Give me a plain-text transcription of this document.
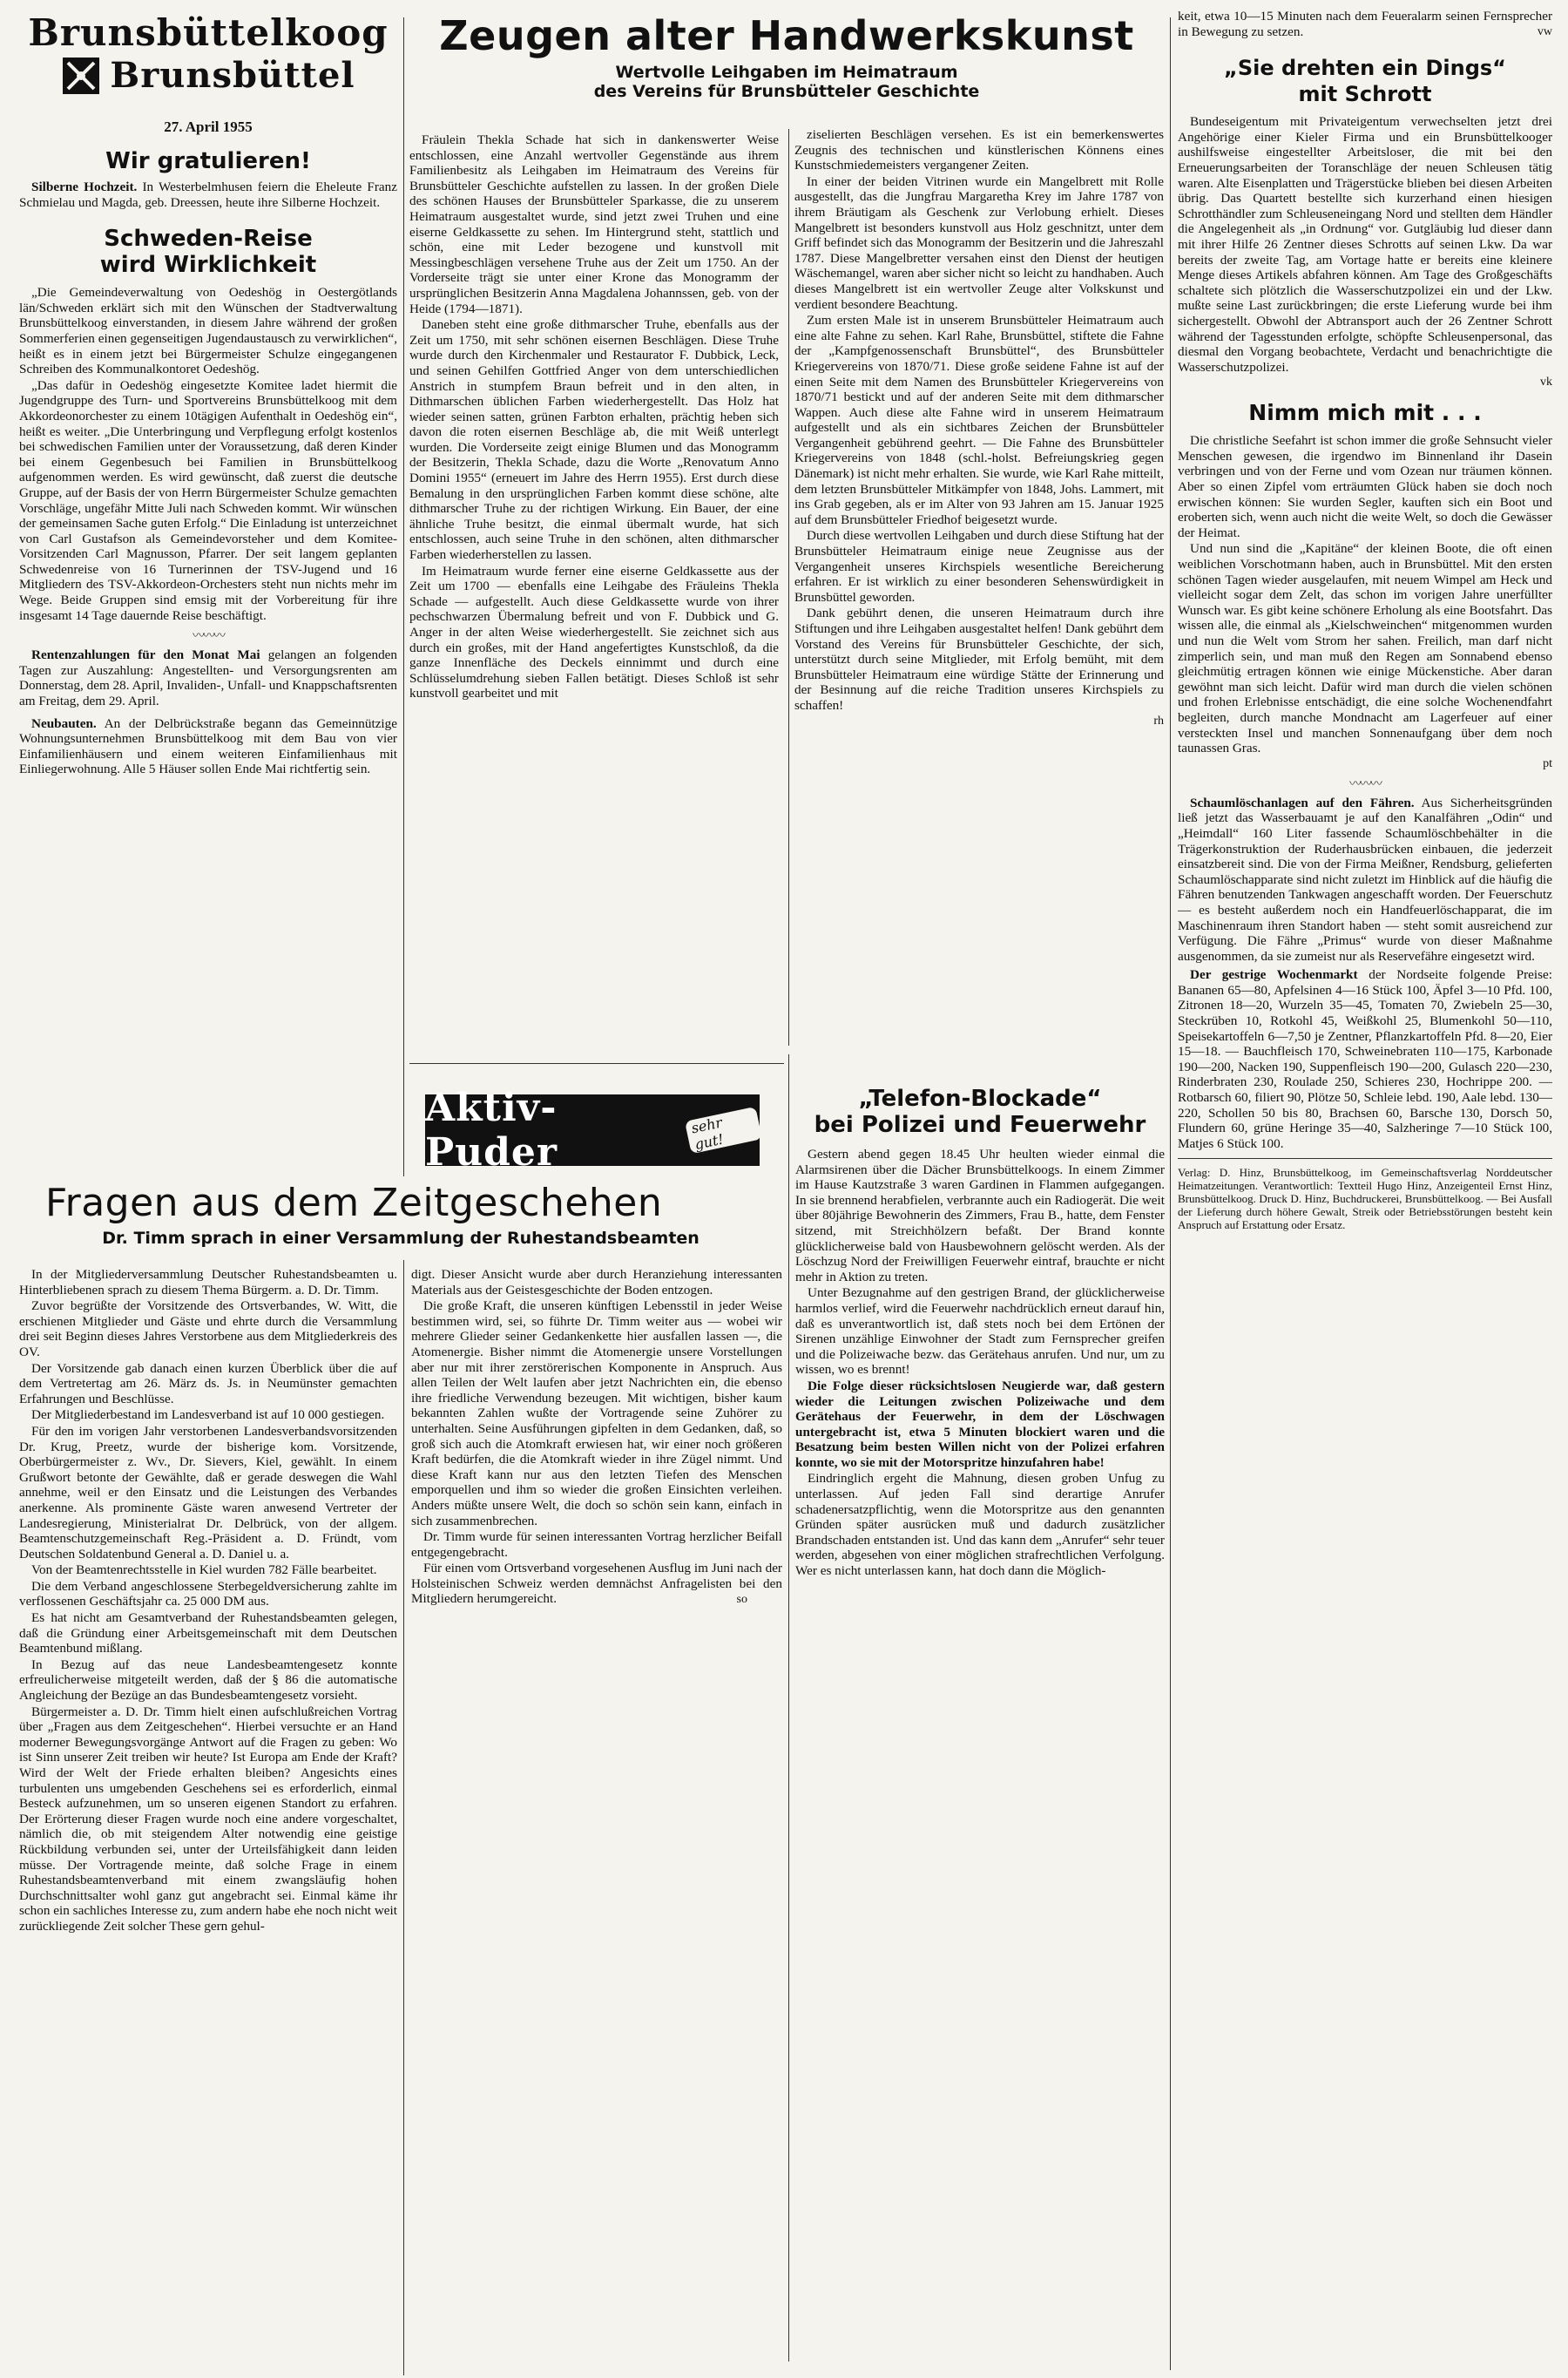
Brunsbüttelkoog
Brunsbüttel
27. April 1955
Wir gratulieren!

Silberne Hochzeit. In Westerbelmhusen feiern die Eheleute Franz Schmielau und Magda, geb. Dreessen, heute ihre Silberne Hochzeit.

Schweden-Reise
wird Wirklichkeit

„Die Gemeindeverwaltung von Oedeshög in Oestergötlands län/Schweden erklärt sich mit den Wünschen der Stadtverwaltung Brunsbüttelkoog einverstanden, in diesem Jahre während der großen Sommerferien einen gegenseitigen Jugendaustausch zu verwirklichen“, heißt es in einem jetzt bei Bürgermeister Schulze eingegangenen Schreiben des Kommunalkontoret Oedeshög.

„Das dafür in Oedeshög eingesetzte Komitee ladet hiermit die Jugendgruppe des Turn- und Sportvereins Brunsbüttelkoog mit dem Akkordeonorchester zu einem 10tägigen Aufenthalt in Oedeshög ein“, heißt es weiter. „Die Unterbringung und Verpflegung erfolgt kostenlos bei schwedischen Familien unter der Voraussetzung, daß deren Kinder bei einem Gegenbesuch bei Familien in Brunsbüttelkoog aufgenommen werden. Es wird gewünscht, daß zuerst die deutsche Gruppe, auf der Basis der von Herrn Bürgermeister Schulze gemachten Vorschläge, ungefähr Mitte Juli nach Schweden kommt. Wir wünschen der gemeinsamen Sache guten Erfolg.“ Die Einladung ist unterzeichnet von Carl Gustafson als Gemeindevorsteher und dem Komitee-Vorsitzenden Carl Magnusson, Pfarrer. Der seit langem geplanten Schwedenreise von 16 Turnerinnen der TSV-Jugend und 16 Mitgliedern des TSV-Akkordeon-Orchesters steht nun nichts mehr im Wege. Beide Gruppen sind emsig mit der Vorbereitung für ihre insgesamt 14 Tage dauernde Reise beschäftigt.

〰〰〰

Rentenzahlungen für den Monat Mai gelangen an folgenden Tagen zur Auszahlung: Angestellten- und Versorgungsrenten am Donnerstag, dem 28. April, Invaliden-, Unfall- und Knappschaftsrenten am Freitag, dem 29. April.

Neubauten. An der Delbrückstraße begann das Gemeinnützige Wohnungsunternehmen Brunsbüttelkoog mit dem Bau von vier Einfamilienhäusern und einem weiteren Einfamilienhaus mit Einliegerwohnung. Alle 5 Häuser sollen Ende Mai richtfertig sein.

Zeugen alter Handwerkskunst
Wertvolle Leihgaben im Heimatraum
des Vereins für Brunsbütteler Geschichte

Fräulein Thekla Schade hat sich in dankenswerter Weise entschlossen, eine Anzahl wertvoller Gegenstände aus ihrem Familienbesitz als Leihgaben im Heimatraum des Vereins für Brunsbütteler Geschichte aufstellen zu lassen. In der großen Diele des schönen Hauses der Brunsbütteler Sparkasse, die zu unserem Heimatraum ausgestaltet wurde, sind jetzt zwei Truhen und eine eiserne Geldkassette zu sehen. Im Hintergrund steht, stattlich und schön, eine mit Leder bezogene und kunstvoll mit Messingbeschlägen versehene Truhe aus der Zeit um 1750. An der Vorderseite trägt sie unter einer Krone das Monogramm der ursprünglichen Besitzerin Anna Magdalena Johannssen, geb. von der Heide (1794—1871).

Daneben steht eine große dithmarscher Truhe, ebenfalls aus der Zeit um 1750, mit sehr schönen eisernen Beschlägen. Diese Truhe wurde durch den Kirchenmaler und Restaurator F. Dubbick, Leck, und seinen Gehilfen Gottfried Anger von dem unterschiedlichen Anstrich in stumpfem Braun befreit und in den alten, in Dithmarschen üblichen Farben wiederhergestellt. Das Holz hat wieder seinen satten, grünen Farbton erhalten, prächtig heben sich davon die roten eisernen Beschläge ab, die mit Weiß unterlegt wurden. Die Vorderseite zeigt einige Blumen und das Monogramm der Besitzerin, Thekla Schade, dazu die Worte „Renovatum Anno Domini 1955“ (erneuert im Jahre des Herrn 1955). Erst durch diese Bemalung in den ursprünglichen Farben kommt diese schöne, alte dithmarscher Truhe zu der richtigen Wirkung. Ein Bauer, der eine ähnliche Truhe besitzt, die einmal übermalt wurde, hat sich entschlossen, auch seine Truhe in den schönen, alten dithmarscher Farben wiederherstellen zu lassen.

Im Heimatraum wurde ferner eine eiserne Geldkassette aus der Zeit um 1700 — ebenfalls eine Leihgabe des Fräuleins Thekla Schade — aufgestellt. Auch diese Geldkassette wurde von ihrer pechschwarzen Übermalung befreit und von F. Dubbick und G. Anger in der alten Weise wiederhergestellt. Sie zeichnet sich aus durch ein großes, mit der Hand angefertigtes Kunstschloß, da die ganze Innenfläche des Deckels einnimmt und durch eine Schlüsselumdrehung sieben Fallen betätigt. Dieses Schloß ist sehr kunstvoll gearbeitet und mit

ziselierten Beschlägen versehen. Es ist ein bemerkenswertes Zeugnis des technischen und künstlerischen Könnens eines Kunstschmiedemeisters vergangener Zeiten.

In einer der beiden Vitrinen wurde ein Mangelbrett mit Rolle ausgestellt, das die Jungfrau Margaretha Krey im Jahre 1787 von ihrem Bräutigam als Geschenk zur Verlobung erhielt. Dieses Mangelbrett ist besonders kunstvoll aus Holz geschnitzt, unter dem Griff befindet sich das Monogramm der Besitzerin und die Jahreszahl 1787. Diese Mangelbretter versahen einst den Dienst der heutigen Wäschemangel, waren aber sicher nicht so leicht zu handhaben. Auch dieses Mangelbrett ist ein wertvoller Zeuge alter Volkskunst und verdient besondere Beachtung.

Zum ersten Male ist in unserem Brunsbütteler Heimatraum auch eine alte Fahne zu sehen. Karl Rahe, Brunsbüttel, stiftete die Fahne der „Kampfgenossenschaft Brunsbüttel“, des Brunsbütteler Kriegervereins von 1870/71. Diese große seidene Fahne ist auf der einen Seite mit dem Namen des Brunsbütteler Kriegervereins von 1870/71 bestickt und auf der anderen Seite mit dem dithmarscher Wappen. Auch diese alte Fahne wird in unserem Heimatraum aufgestellt und als ein sichtbares Zeichen der Brunsbütteler Vergangenheit gebührend geehrt. — Die Fahne des Brunsbütteler Kriegervereins von 1848 (schl.-holst. Befreiungskrieg gegen Dänemark) ist nicht mehr erhalten. Sie wurde, wie Karl Rahe mitteilt, dem letzten Brunsbütteler Mitkämpfer von 1848, Johs. Lammert, mit ins Grab gegeben, als er im Alter von 93 Jahren am 15. Januar 1925 auf dem Brunsbütteler Friedhof beigesetzt wurde.

Durch diese wertvollen Leihgaben und durch diese Stiftung hat der Brunsbütteler Heimatraum einige neue Zeugnisse aus der Vergangenheit unseres Kirchspiels wesentliche Bereicherung erfahren. Er ist wirklich zu einer besonderen Sehenswürdigkeit in Brunsbüttel geworden.

Dank gebührt denen, die unseren Heimatraum durch ihre Stiftungen und ihre Leihgaben ausgestaltet helfen! Dank gebührt dem Vorstand des Vereins für Brunsbütteler Geschichte, der sich, unterstützt durch seine Mitglieder, mit Erfolg bemüht, mit dem Brunsbütteler Heimatraum eine würdige Stätte der Erinnerung und der Besinnung auf die reiche Tradition unseres Kirchspiels zu schaffen!

rh

keit, etwa 10—15 Minuten nach dem Feueralarm seinen Fernsprecher in Bewegung zu setzen.	vw
„Sie drehten ein Dings“
mit Schrott

Bundeseigentum mit Privateigentum verwechselten jetzt drei Angehörige einer Kieler Firma und ein Brunsbüttelkooger aushilfsweise eingestellter Arbeitsloser, die mit bei den Erneuerungsarbeiten der Toranschläge der neuen Schleusen tätig waren. Alte Eisenplatten und Trägerstücke blieben bei diesen Arbeiten übrig. Das Quartett bestellte sich kurzerhand einen hiesigen Schrotthändler zum Schleuseneingang Nord und stellten dem Händler die Angelegenheit als „in Ordnung“ vor. Gutgläubig lud dieser dann mit ihrer Hilfe 26 Zentner dieses Schrotts auf seinen Lkw. Da war bereits der zweite Tag, am Vortage hatte er bereits eine kleinere Menge dieses Artikels abfahren können. Am Tage des Großgeschäfts schaltete sich plötzlich die Wasserschutzpolizei ein und der Lkw. mußte seine Last zurückbringen; die erste Lieferung wurde bei ihm sichergestellt. Obwohl der Abtransport auch der 26 Zentner Schrott während der Tagesstunden erfolgte, schöpfte Schleusenpersonal, das diesmal den Vorgang beobachtete, Verdacht und benachrichtigte die Wasserschutzpolizei.

vk
Nimm mich mit . . .

Die christliche Seefahrt ist schon immer die große Sehnsucht vieler Menschen gewesen, die irgendwo im Binnenland ihr Dasein verbringen und von der Ferne und vom Ozean nur träumen können. Aber so einen Zipfel vom erträumten Glück haben sie doch noch erwischen können: Sie wurden Segler, kauften sich ein Boot und eroberten sich, wenn auch nicht die weite Welt, so doch die Gewässer der Heimat.

Und nun sind die „Kapitäne“ der kleinen Boote, die oft einen weiblichen Vorschotmann haben, auch in Brunsbüttel. Mit den ersten schönen Tagen wieder ausgelaufen, mit neuem Wimpel am Heck und vielleicht sogar dem Zelt, das schon im vorigen Jahre unerfüllter Wunsch war. Es gibt keine schönere Erholung als eine Bootsfahrt. Das wissen alle, die einmal als „Kielschweinchen“ mitgenommen wurden und nun die Welt vom Strom her sahen. Freilich, man darf nicht zimperlich sein, und man muß den Regen am Sonnabend ebenso gleichmütig ertragen können wie einige Mückenstiche. Aber daran gewöhnt man sich leicht. Dafür wird man durch die vielen schönen und frohen Erlebnisse entschädigt, die eine solche Wochenendfahrt begleiten, durch manche Mondnacht am Lagerfeuer auf einer versteckten Insel und manchen Sonnenaufgang über dem noch taunassen Gras.

pt
〰〰〰

Schaumlöschanlagen auf den Fähren. Aus Sicherheitsgründen ließ jetzt das Wasserbauamt je auf den Kanalfähren „Odin“ und „Heimdall“ 160 Liter fassende Schaumlöschbehälter in die Trägerkonstruktion der Ruderhausbrücken einbauen, die jederzeit einsatzbereit sind. Die von der Firma Meißner, Rendsburg, gelieferten Schaumlöschapparate sind nicht zuletzt im Hinblick auf die häufig die Fähren benutzenden Tankwagen angeschafft worden. Der Feuerschutz — es besteht außerdem noch ein Handfeuerlöschapparat, die im Maschinenraum ihren Standort haben — steht somit ausreichend zur Verfügung. Die Fähre „Primus“ wurde von dieser Maßnahme ausgenommen, da sie zumeist nur als Reservefähre eingesetzt wird.

Der gestrige Wochenmarkt der Nordseite folgende Preise: Bananen 65—80, Apfelsinen 4—16 Stück 100, Äpfel 3—10 Pfd. 100, Zitronen 18—20, Wurzeln 35—45, Tomaten 70, Zwiebeln 25—30, Steckrüben 10, Rotkohl 45, Weißkohl 25, Blumenkohl 50—110, Speisekartoffeln 6—7,50 je Zentner, Pflanzkartoffeln Pfd. 8—20, Eier 15—18. — Bauchfleisch 170, Schweinebraten 110—175, Karbonade 190—200, Nacken 190, Suppenfleisch 190—200, Gulasch 220—230, Rinderbraten 230, Roulade 250, Schieres 230, Hochrippe 200. — Rotbarsch 60, filiert 90, Plötze 50, Schleie lebd. 190, Aale lebd. 130—220, Schollen 50 bis 80, Brachsen 60, Barsche 130, Dorsch 50, Flundern 60, grüne Heringe 35—40, Salzheringe 7—10 Stück 100, Matjes 6 Stück 100.

Verlag: D. Hinz, Brunsbüttelkoog, im Gemeinschaftsverlag Norddeutscher Heimatzeitungen. Verantwortlich: Textteil Hugo Hinz, Anzeigenteil Ernst Hinz, Brunsbüttelkoog. Druck D. Hinz, Buchdruckerei, Brunsbüttelkoog. — Bei Ausfall der Lieferung durch höhere Gewalt, Streik oder Betriebsstörungen besteht kein Anspruch auf Erstattung oder Ersatz.

Aktiv-Puder
sehr gut!
„Telefon-Blockade“
bei Polizei und Feuerwehr

Gestern abend gegen 18.45 Uhr heulten wieder einmal die Alarmsirenen über die Dächer Brunsbüttelkoogs. In einem Zimmer im Hause Kautzstraße 3 waren Gardinen in Flammen aufgegangen. In sie brennend herabfielen, verbrannte auch ein Radiogerät. Die weit über 80jährige Bewohnerin des Zimmers, Frau B., hatte, dem Fenster sitzend, mit Streichhölzern befaßt. Der Brand konnte glücklicherweise bald von Hausbewohnern gelöscht werden. Als der Löschzug Nord der Freiwilligen Feuerwehr eintraf, brauchte er nicht mehr in Aktion zu treten.

Unter Bezugnahme auf den gestrigen Brand, der glücklicherweise harmlos verlief, wird die Feuerwehr nachdrücklich erneut darauf hin, daß es unverantwortlich ist, daß stets noch bei dem Ertönen der Sirenen unzählige Einwohner der Stadt zum Fernsprecher greifen und die Polizeiwache bezw. das Gerätehaus anrufen. Und nur, um zu wissen, wo es brennt!

Die Folge dieser rücksichtslosen Neugierde war, daß gestern wieder die Leitungen zwischen Polizeiwache und dem Gerätehaus der Feuerwehr, in dem der Löschwagen untergebracht ist, etwa 5 Minuten blockiert waren und die Besatzung beim besten Willen nicht von der Polizei erfahren konnte, wo sie mit der Motorspritze hinzufahren habe!

Eindringlich ergeht die Mahnung, diesen groben Unfug zu unterlassen. Auf jeden Fall sind derartige Anrufer schadenersatzpflichtig, wenn die Motorspritze aus den genannten Gründen später ausrücken muß und dadurch zusätzlicher Brandschaden entstanden ist. Und das kann dem „Anrufer“ sehr teuer werden, abgesehen von einer möglichen strafrechtlichen Verfolgung. Wer es nicht unterlassen kann, hat doch dann die Möglich-

Fragen aus dem Zeitgeschehen
Dr. Timm sprach in einer Versammlung der Ruhestandsbeamten

In der Mitgliederversammlung Deutscher Ruhestandsbeamten u. Hinterbliebenen sprach zu diesem Thema Bürgerm. a. D. Dr. Timm.

Zuvor begrüßte der Vorsitzende des Ortsverbandes, W. Witt, die erschienen Mitglieder und Gäste und ehrte durch die Versammlung drei seit Beginn dieses Jahres Verstorbene aus dem Mitgliederkreis des OV.

Der Vorsitzende gab danach einen kurzen Überblick über die auf dem Vertretertag am 26. März ds. Js. in Neumünster gemachten Erfahrungen und Beschlüsse.

Der Mitgliederbestand im Landesverband ist auf 10 000 gestiegen.

Für den im vorigen Jahr verstorbenen Landesverbandsvorsitzenden Dr. Krug, Preetz, wurde der bisherige kom. Vorsitzende, Oberbürgermeister z. Wv., Dr. Sievers, Kiel, gewählt. In einem Grußwort betonte der Gewählte, daß er gerade deswegen die Wahl annehme, weil er den Einsatz und die Leistungen des Verbandes anerkenne. Als prominente Gäste waren anwesend Vertreter der Landesregierung, Ministerialrat Dr. Delbrück, von der allgem. Beamtenschutzgemeinschaft Reg.-Präsident a. D. Fründt, vom Deutschen Soldatenbund General a. D. Daniel u. a.

Von der Beamtenrechtsstelle in Kiel wurden 782 Fälle bearbeitet.

Die dem Verband angeschlossene Sterbegeldversicherung zahlte im verflossenen Geschäftsjahr ca. 25 000 DM aus.

Es hat nicht am Gesamtverband der Ruhestandsbeamten gelegen, daß die Gründung einer Arbeitsgemeinschaft mit dem Deutschen Beamtenbund mißlang.

In Bezug auf das neue Landesbeamtengesetz konnte erfreulicherweise mitgeteilt werden, daß der § 86 die automatische Angleichung der Bezüge an das Bundesbeamtengesetz vorsieht.

Bürgermeister a. D. Dr. Timm hielt einen aufschlußreichen Vortrag über „Fragen aus dem Zeitgeschehen“. Hierbei versuchte er an Hand moderner Bewegungsvorgänge Antwort auf die Fragen zu geben: Wo ist Sinn unserer Zeit treiben wir heute? Ist Europa am Ende der Kraft? Wird der Welt der Friede erhalten bleiben? Angesichts eines turbulenten uns umgebenden Geschehens sei es erforderlich, einmal Besteck aufzunehmen, um so unseren eigenen Standort zu erfahren. Der Erörterung dieser Fragen wurde noch eine andere vorgeschaltet, nämlich die, ob mit steigendem Alter notwendig eine geistige Rückbildung verbunden sei, unter der Urteilsfähigkeit dann leiden müsse. Der Vortragende meinte, daß solche Frage in einem Ruhestandsbeamtenverband mit einem zwangsläufig hohen Durchschnittsalter wohl ganz gut angebracht sei. Einmal käme ihr schon ein sachliches Interesse zu, zum andern habe ehe noch nicht weit zurückliegende Zeit solcher These gern gehul-

digt. Dieser Ansicht wurde aber durch Heranziehung interessanten Materials aus der Geistesgeschichte der Boden entzogen.

Die große Kraft, die unseren künftigen Lebensstil in jeder Weise bestimmen wird, sei, so führte Dr. Timm weiter aus — wobei wir mehrere Glieder seiner Gedankenkette hier ausfallen lassen —, die Atomenergie. Bisher nimmt die Atomenergie unsere Vorstellungen aber nur mit ihrer zerstörerischen Komponente in Anspruch. Aus allen Teilen der Welt laufen aber jetzt Nachrichten ein, die ebenso ihre friedliche Verwendung bezeugen. Mit wichtigen, bisher kaum bekannten Zahlen wußte der Vortragende seine Zuhörer zu unterhalten. Seine Ausführungen gipfelten in dem Gedanken, daß, so groß sich auch die Atomkraft erwiesen hat, wir einer noch größeren Kraft bedürfen, die die Atomkraft wieder in ihre Zügel nimmt. Und diese Kraft kann nur aus den letzten Tiefen des Menschen emporquellen und ihm so wieder die großen Einsichten verleihen. Anders müßte unsere Welt, die doch so schön sein kann, einfach in sich zusammenbrechen.

Dr. Timm wurde für seinen interessanten Vortrag herzlicher Beifall entgegengebracht.

Für einen vom Ortsverband vorgesehenen Ausflug im Juni nach der Holsteinischen Schweiz werden demnächst Anfragelisten bei den Mitgliedern herumgereicht.	so
